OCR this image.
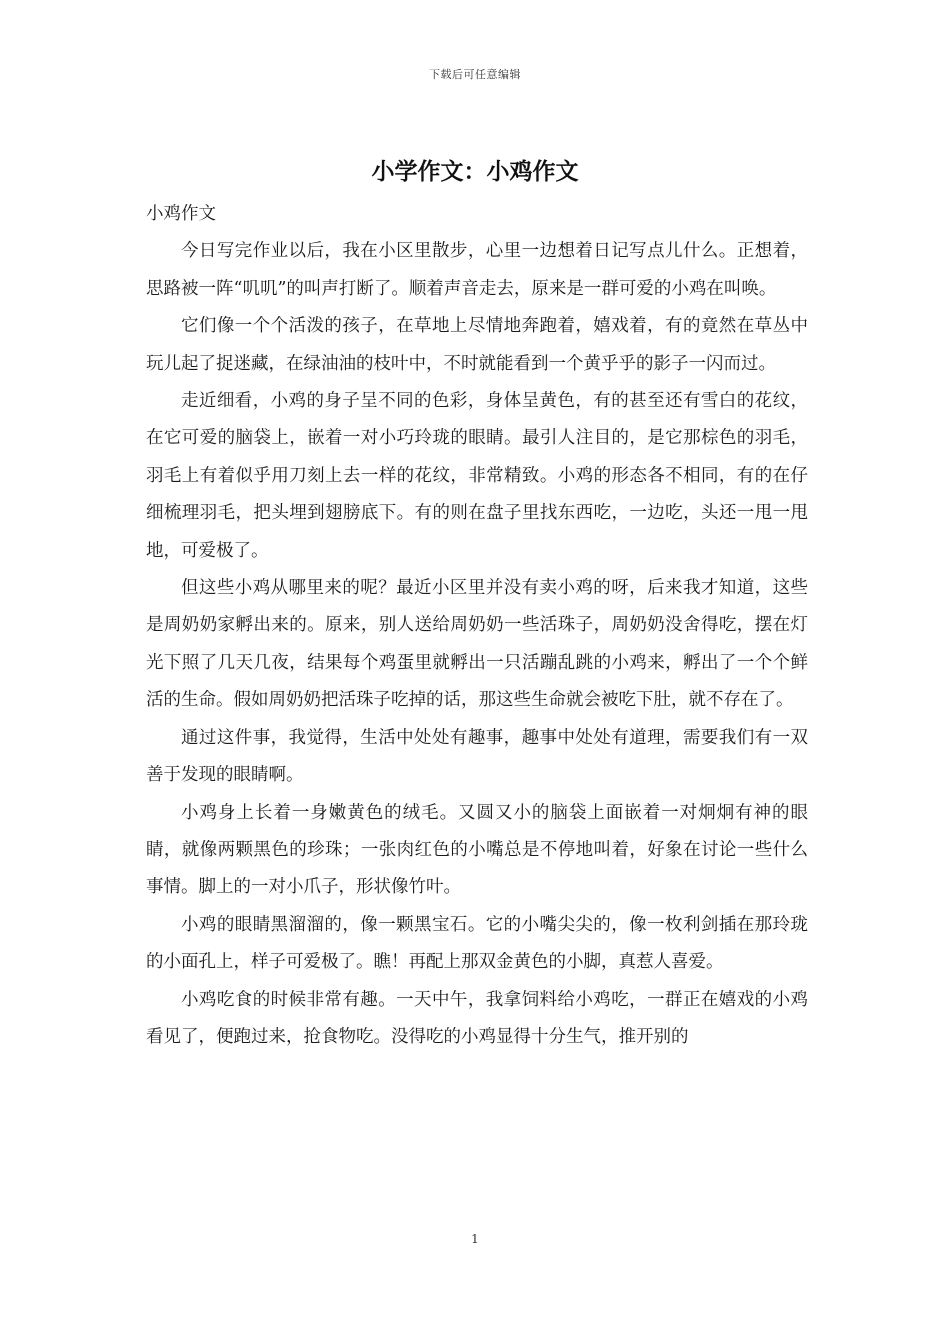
下载后可任意编辑
小学作文：小鸡作文

小鸡作文

今日写完作业以后，我在小区里散步，心里一边想着日记写点儿什么。正想着，思路被一阵“叽叽”的叫声打断了。顺着声音走去，原来是一群可爱的小鸡在叫唤。

它们像一个个活泼的孩子，在草地上尽情地奔跑着，嬉戏着，有的竟然在草丛中玩儿起了捉迷藏，在绿油油的枝叶中，不时就能看到一个黄乎乎的影子一闪而过。

走近细看，小鸡的身子呈不同的色彩，身体呈黄色，有的甚至还有雪白的花纹，在它可爱的脑袋上，嵌着一对小巧玲珑的眼睛。最引人注目的，是它那棕色的羽毛，羽毛上有着似乎用刀刻上去一样的花纹，非常精致。小鸡的形态各不相同，有的在仔细梳理羽毛，把头埋到翅膀底下。有的则在盘子里找东西吃，一边吃，头还一甩一甩地，可爱极了。

但这些小鸡从哪里来的呢？最近小区里并没有卖小鸡的呀，后来我才知道，这些是周奶奶家孵出来的。原来，别人送给周奶奶一些活珠子，周奶奶没舍得吃，摆在灯光下照了几天几夜，结果每个鸡蛋里就孵出一只活蹦乱跳的小鸡来，孵出了一个个鲜活的生命。假如周奶奶把活珠子吃掉的话，那这些生命就会被吃下肚，就不存在了。

通过这件事，我觉得，生活中处处有趣事，趣事中处处有道理，需要我们有一双善于发现的眼睛啊。

小鸡身上长着一身嫩黄色的绒毛。又圆又小的脑袋上面嵌着一对炯炯有神的眼睛，就像两颗黑色的珍珠；一张肉红色的小嘴总是不停地叫着，好象在讨论一些什么事情。脚上的一对小爪子，形状像竹叶。

小鸡的眼睛黑溜溜的，像一颗黑宝石。它的小嘴尖尖的，像一枚利剑插在那玲珑的小面孔上，样子可爱极了。瞧！再配上那双金黄色的小脚，真惹人喜爱。

小鸡吃食的时候非常有趣。一天中午，我拿饲料给小鸡吃，一群正在嬉戏的小鸡看见了，便跑过来，抢食物吃。没得吃的小鸡显得十分生气，推开别的

1
